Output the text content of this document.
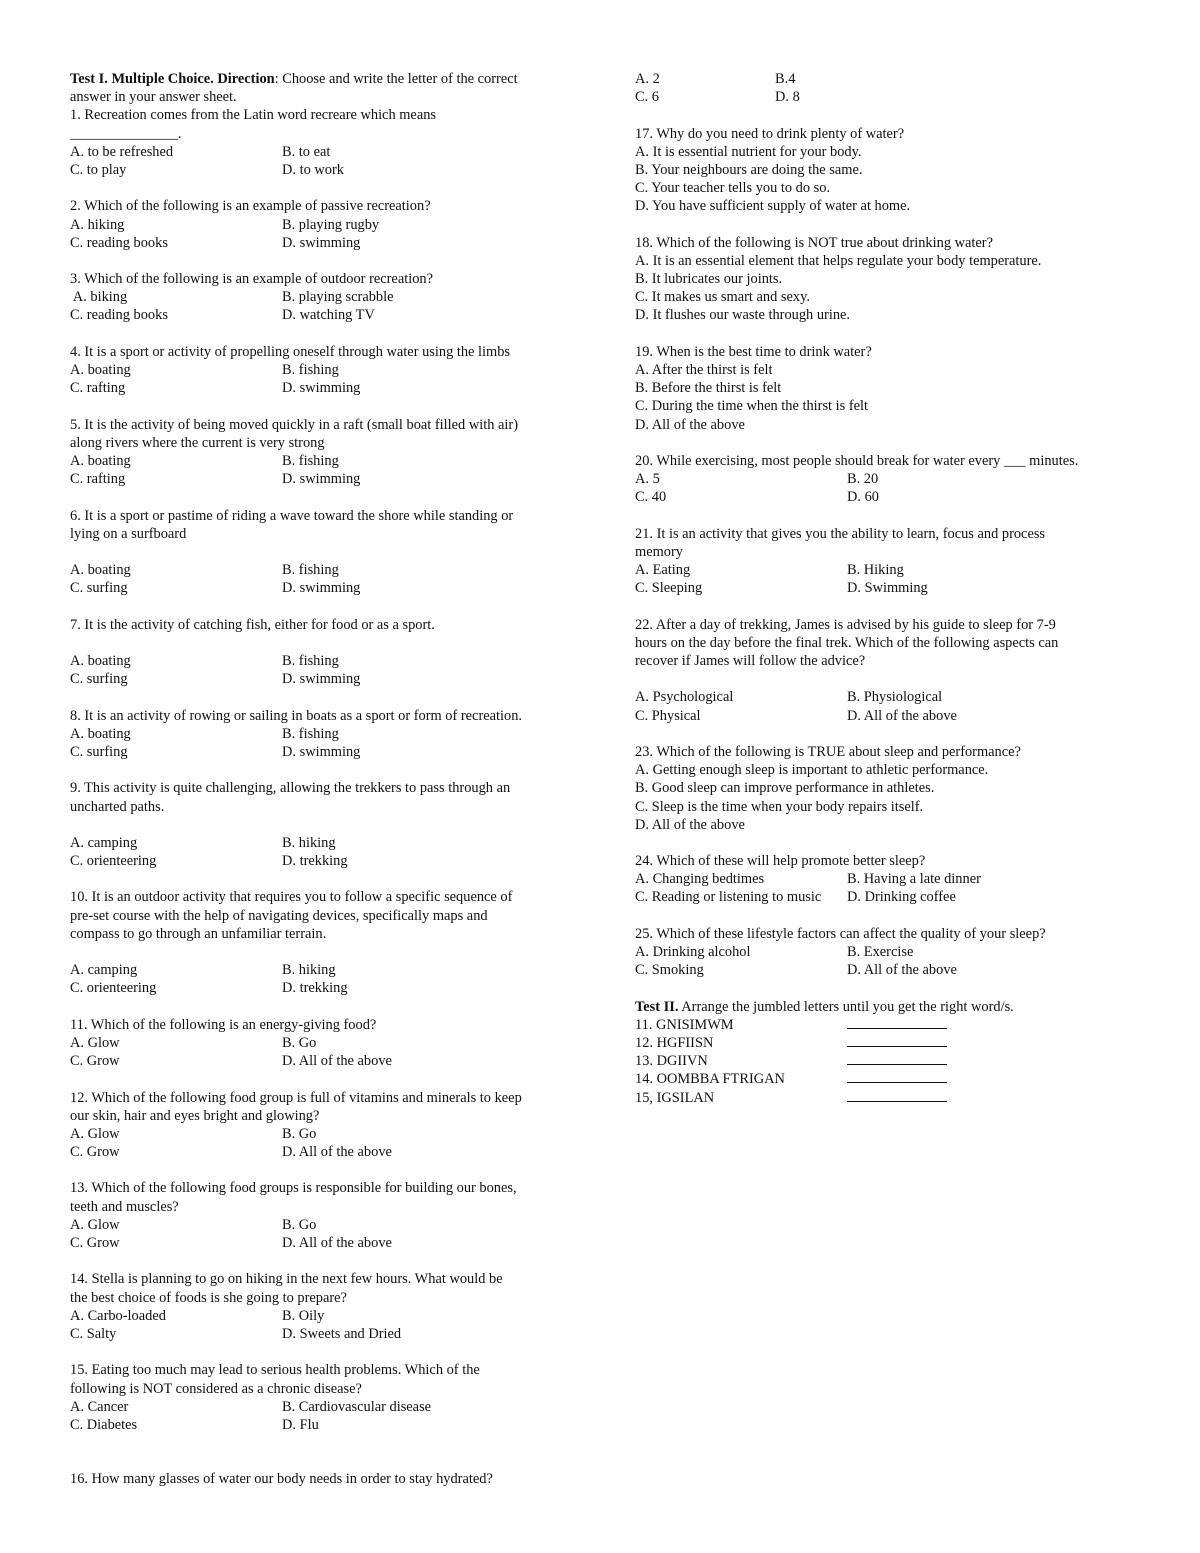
Test I. Multiple Choice. Direction: Choose and write the letter of the correct
answer in your answer sheet.
1. Recreation comes from the Latin word recreare which means
_______________.
A. to be refreshed	B. to eat
C. to play	D. to work
2. Which of the following is an example of passive recreation?
A. hiking	B. playing rugby
C. reading books	D. swimming
3. Which of the following is an example of outdoor recreation?
A. biking	B. playing scrabble
C. reading books	D. watching TV
4. It is a sport or activity of propelling oneself through water using the limbs
A. boating	B. fishing
C. rafting	D. swimming
5. It is the activity of being moved quickly in a raft (small boat filled with air)
along rivers where the current is very strong
A. boating	B. fishing
C. rafting	D. swimming
6. It is a sport or pastime of riding a wave toward the shore while standing or
lying on a surfboard
A. boating	B. fishing
C. surfing	D. swimming
7. It is the activity of catching fish, either for food or as a sport.
A. boating	B. fishing
C. surfing	D. swimming
8. It is an activity of rowing or sailing in boats as a sport or form of recreation.
A. boating	B. fishing
C. surfing	D. swimming
9. This activity is quite challenging, allowing the trekkers to pass through an
uncharted paths.
A. camping	B. hiking
C. orienteering	D. trekking
10. It is an outdoor activity that requires you to follow a specific sequence of
pre-set course with the help of navigating devices, specifically maps and
compass to go through an unfamiliar terrain.
A. camping	B. hiking
C. orienteering	D. trekking
11. Which of the following is an energy-giving food?
A. Glow	B. Go
C. Grow	D. All of the above
12. Which of the following food group is full of vitamins and minerals to keep
our skin, hair and eyes bright and glowing?
A. Glow	B. Go
C. Grow	D. All of the above
13. Which of the following food groups is responsible for building our bones,
teeth and muscles?
A. Glow	B. Go
C. Grow	D. All of the above
14. Stella is planning to go on hiking in the next few hours. What would be
the best choice of foods is she going to prepare?
A. Carbo-loaded	B. Oily
C. Salty	D. Sweets and Dried
15. Eating too much may lead to serious health problems. Which of the
following is NOT considered as a chronic disease?
A. Cancer	B. Cardiovascular disease
C. Diabetes	D. Flu
16. How many glasses of water our body needs in order to stay hydrated?
A. 2	B.4
C. 6	D. 8
17. Why do you need to drink plenty of water?
A. It is essential nutrient for your body.
B. Your neighbours are doing the same.
C. Your teacher tells you to do so.
D. You have sufficient supply of water at home.
18. Which of the following is NOT true about drinking water?
A. It is an essential element that helps regulate your body temperature.
B. It lubricates our joints.
C. It makes us smart and sexy.
D. It flushes our waste through urine.
19. When is the best time to drink water?
A. After the thirst is felt
B. Before the thirst is felt
C. During the time when the thirst is felt
D. All of the above
20. While exercising, most people should break for water every ___ minutes.
A. 5	B. 20
C. 40	D. 60
21. It is an activity that gives you the ability to learn, focus and process
memory
A. Eating	B. Hiking
C. Sleeping	D. Swimming
22. After a day of trekking, James is advised by his guide to sleep for 7-9
hours on the day before the final trek. Which of the following aspects can
recover if James will follow the advice?
A. Psychological	B. Physiological
C. Physical	D. All of the above
23. Which of the following is TRUE about sleep and performance?
A. Getting enough sleep is important to athletic performance.
B. Good sleep can improve performance in athletes.
C. Sleep is the time when your body repairs itself.
D. All of the above
24. Which of these will help promote better sleep?
A. Changing bedtimes	B. Having a late dinner
C. Reading or listening to music	D. Drinking coffee
25. Which of these lifestyle factors can affect the quality of your sleep?
A. Drinking alcohol	B. Exercise
C. Smoking	D. All of the above
Test II. Arrange the jumbled letters until you get the right word/s.
11. GNISIMWM
12. HGFIISN
13. DGIIVN
14. OOMBBA FTRIGAN
15, IGSILAN
